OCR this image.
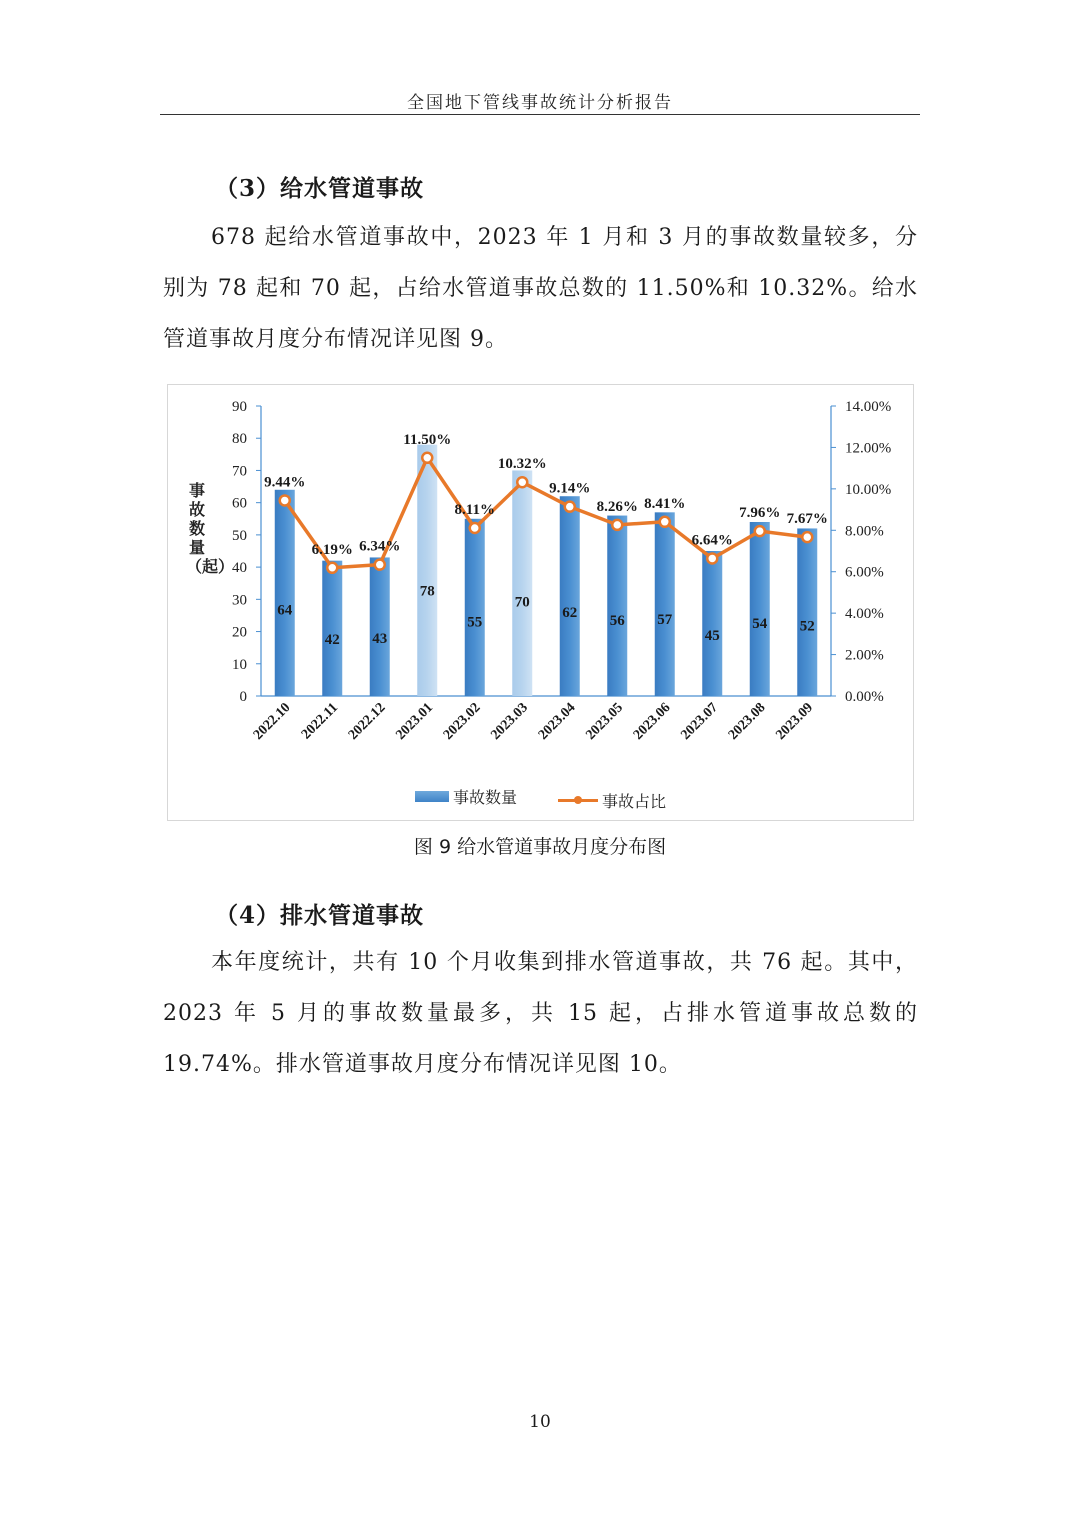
全国地下管线事故统计分析报告
（3）给水管道事故
678 起给水管道事故中，2023 年 1 月和 3 月的事故数量较多，分别为 78 起和 70 起，占给水管道事故总数的 11.50%和 10.32%。给水管道事故月度分布情况详见图 9。
事故数量（起）
0
10
20
30
40
50
60
70
80
90
0.00%
2.00%
4.00%
6.00%
8.00%
10.00%
12.00%
14.00%
64
42 43
78
55
70
62
56 57
45
54 52
9.44%
6.19% 6.34%
11.50%
8.11%
10.32%
9.14%
8.26% 8.41%
6.64%
7.96% 7.67%
2022.10 2022.11 2022.12 2023.01 2023.02 2023.03 2023.04 2023.05 2023.06 2023.07 2023.08 2023.09
事故数量
	事故占比
图 9 给水管道事故月度分布图
（4）排水管道事故
本年度统计，共有 10 个月收集到排水管道事故，共 76 起。其中，2023 年 5 月的事故数量最多，共 15 起，占排水管道事故总数的 19.74%。排水管道事故月度分布情况详见图 10。
10
